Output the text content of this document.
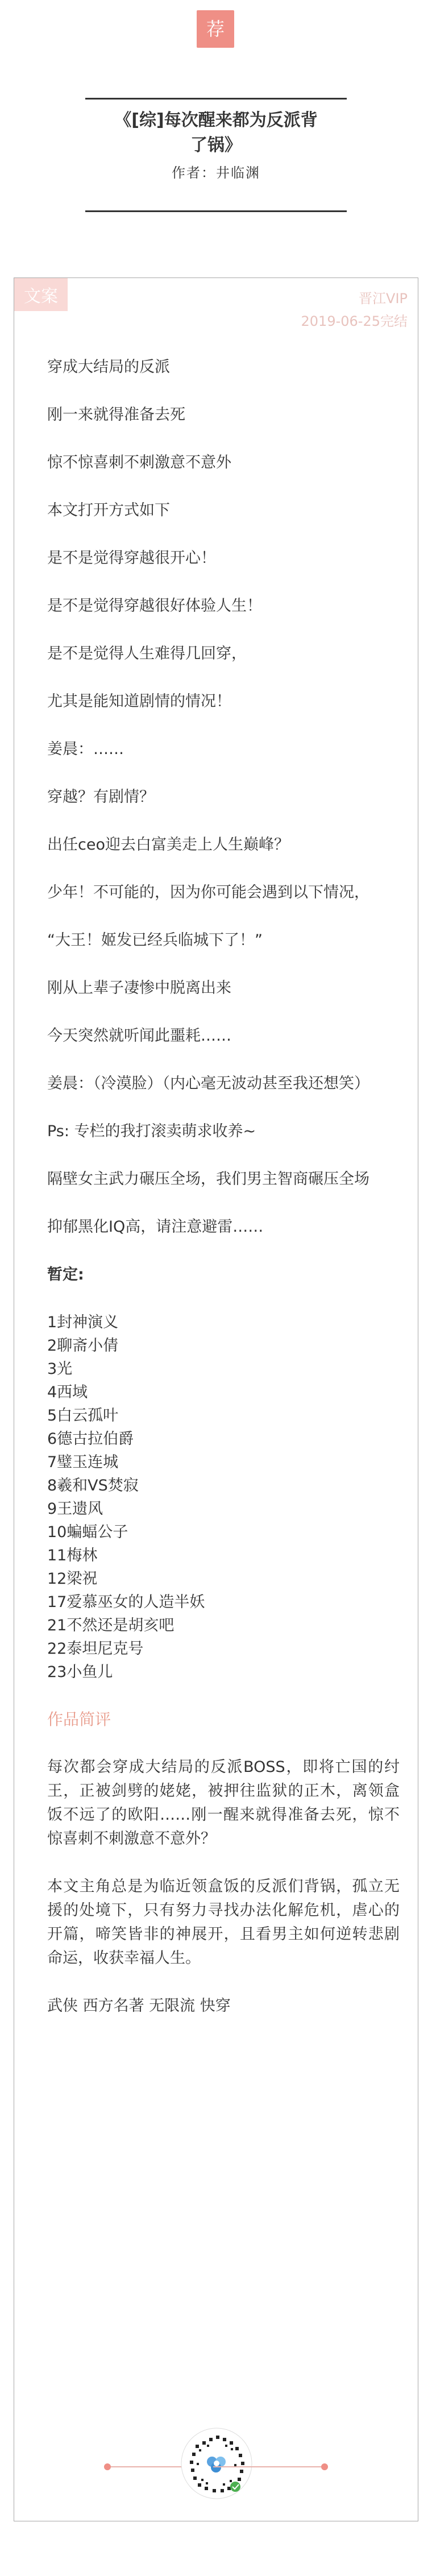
荐

《[综]每次醒来都为反派背

了锅》

作者：井临渊
文案	晋江VIP
2019-06-25完结

穿成大结局的反派

刚一来就得准备去死

惊不惊喜刺不刺激意不意外

本文打开方式如下

是不是觉得穿越很开心！

是不是觉得穿越很好体验人生！

是不是觉得人生难得几回穿，

尤其是能知道剧情的情况！

姜晨：……

穿越？有剧情？

出任ceo迎去白富美走上人生巅峰？

少年！不可能的，因为你可能会遇到以下情况，

“大王！姬发已经兵临城下了！”

刚从上辈子凄惨中脱离出来

今天突然就听闻此噩耗……

姜晨：（冷漠脸）（内心毫无波动甚至我还想笑）

Ps: 专栏的我打滚卖萌求收养~

隔壁女主武力碾压全场，我们男主智商碾压全场

抑郁黑化IQ高，请注意避雷……

暂定:

1封神演义
2聊斋小倩
3光
4西域
5白云孤叶
6德古拉伯爵
7璧玉连城
8羲和VS焚寂
9王遗风
10蝙蝠公子
11梅林
12梁祝
17爱慕巫女的人造半妖
21不然还是胡亥吧
22泰坦尼克号
23小鱼儿

作品简评

每次都会穿成大结局的反派BOSS，即将亡国的纣王，正被剑劈的姥姥，被押往监狱的正木，离领盒饭不远了的欧阳……刚一醒来就得准备去死，惊不惊喜刺不刺激意不意外？

本文主角总是为临近领盒饭的反派们背锅，孤立无援的处境下，只有努力寻找办法化解危机，虐心的开篇，啼笑皆非的神展开，且看男主如何逆转悲剧命运，收获幸福人生。

武侠 西方名著 无限流 快穿
